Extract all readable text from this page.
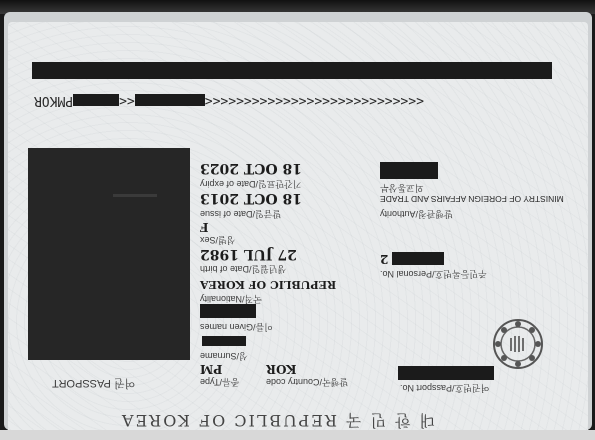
<<<<<<<<<<<<<<<<<<<<<<<<<<<<<<PMKOR
18 OCT 2023
기간만료일/Date of expiry
18 OCT 2013
발급일/Date of issue
F
성별/Sex
27 JUL 1982
생년월일/Date of birth
REPUBLIC OF KOREA
국적/Nationality
이름/Given names
성/Surname
PM
종류/Type
KOR
발행국/Country code
외교통상부
MINISTRY OF FOREIGN AFFAIRS AND TRADE
발행관청/Authority
2
주민등록번호/Personal No.
여권번호/Passport No.
여권 PASSPORT
대 한 민 국 REPUBLIC OF KOREA
